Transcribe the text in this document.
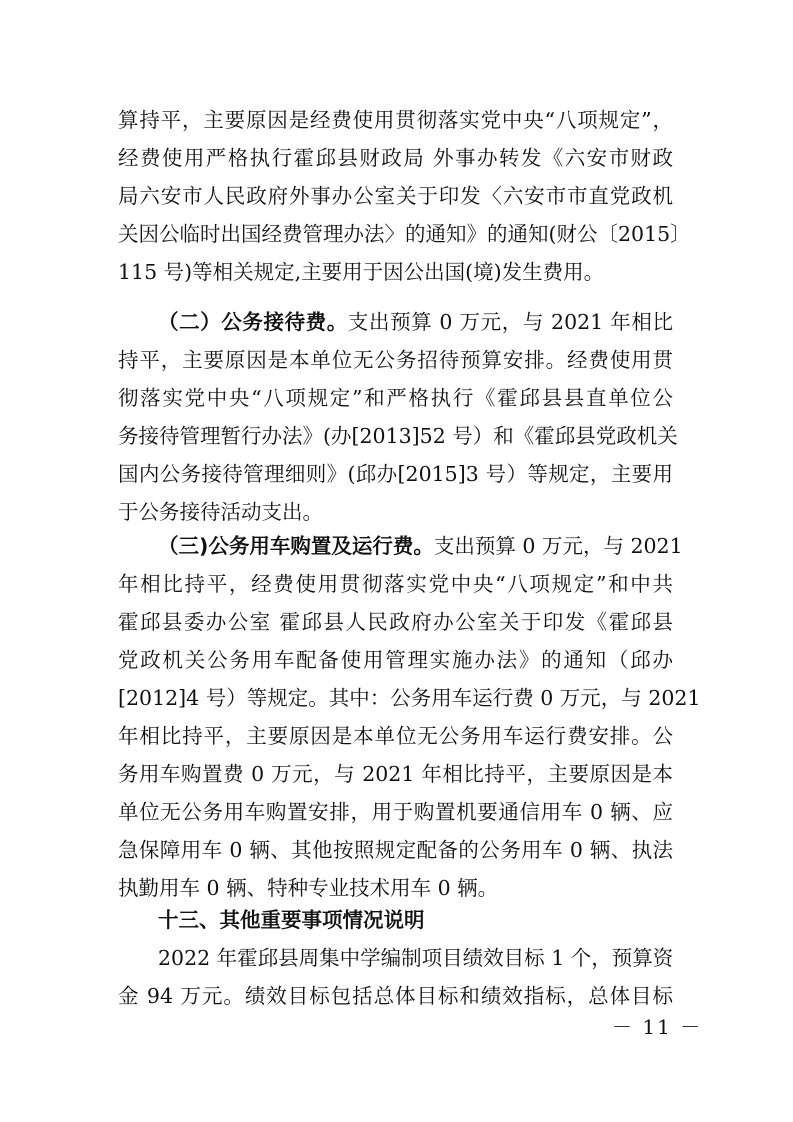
算持平，主要原因是经费使用贯彻落实党中央“八项规定”，
经费使用严格执行霍邱县财政局 外事办转发《六安市财政
局六安市人民政府外事办公室关于印发〈六安市市直党政机
关因公临时出国经费管理办法〉的通知》的通知(财公〔2015〕
115 号)等相关规定,主要用于因公出国(境)发生费用。
（二）公务接待费。支出预算 0 万元，与 2021 年相比
持平，主要原因是本单位无公务招待预算安排。经费使用贯
彻落实党中央“八项规定”和严格执行《霍邱县县直单位公
务接待管理暂行办法》(办[2013]52 号）和《霍邱县党政机关
国内公务接待管理细则》(邱办[2015]3 号）等规定，主要用
于公务接待活动支出。
（三)公务用车购置及运行费。支出预算 0 万元，与 2021
年相比持平，经费使用贯彻落实党中央“八项规定”和中共
霍邱县委办公室 霍邱县人民政府办公室关于印发《霍邱县
党政机关公务用车配备使用管理实施办法》的通知（邱办
[2012]4 号）等规定。其中：公务用车运行费 0 万元，与 2021
年相比持平，主要原因是本单位无公务用车运行费安排。公
务用车购置费 0 万元，与 2021 年相比持平，主要原因是本
单位无公务用车购置安排，用于购置机要通信用车 0 辆、应
急保障用车 0 辆、其他按照规定配备的公务用车 0 辆、执法
执勤用车 0 辆、特种专业技术用车 0 辆。
十三、其他重要事项情况说明
2022 年霍邱县周集中学编制项目绩效目标 1 个，预算资
金 94 万元。绩效目标包括总体目标和绩效指标，总体目标
－ 11 －
